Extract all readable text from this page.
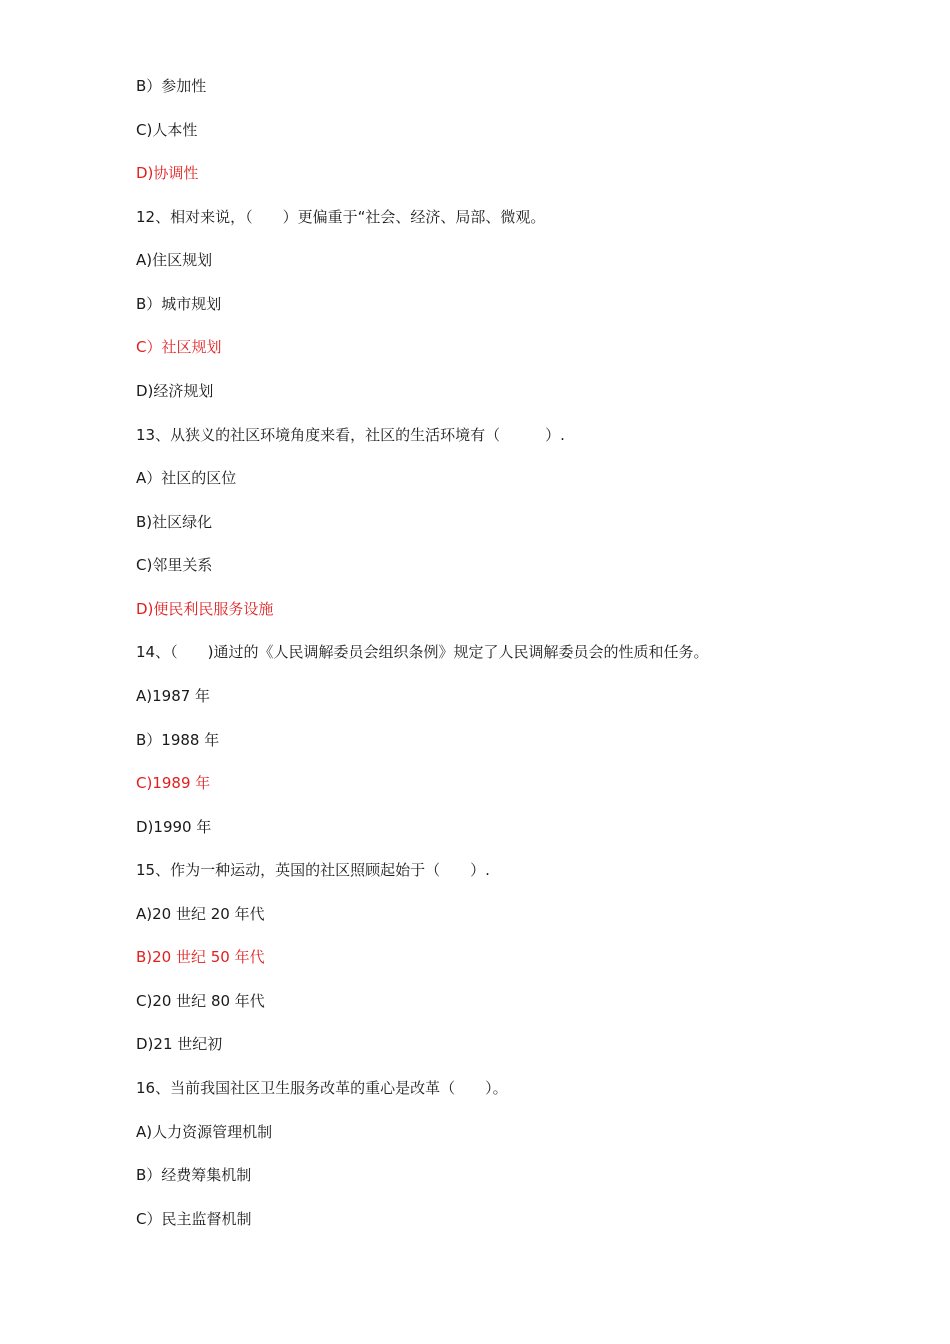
B）参加性
C)人本性
D)协调性
12、相对来说，（　　）更偏重于“社会、经济、局部、微观。
A)住区规划
B）城市规划
C）社区规划
D)经济规划
13、从狭义的社区环境角度来看，社区的生活环境有（　　　）.
A）社区的区位
B)社区绿化
C)邻里关系
D)便民利民服务设施
14、（　　)通过的《人民调解委员会组织条例》规定了人民调解委员会的性质和任务。
A)1987 年
B）1988 年
C)1989 年
D)1990 年
15、作为一种运动，英国的社区照顾起始于（　　）.
A)20 世纪 20 年代
B)20 世纪 50 年代
C)20 世纪 80 年代
D)21 世纪初
16、当前我国社区卫生服务改革的重心是改革（　　）。
A)人力资源管理机制
B）经费筹集机制
C）民主监督机制
